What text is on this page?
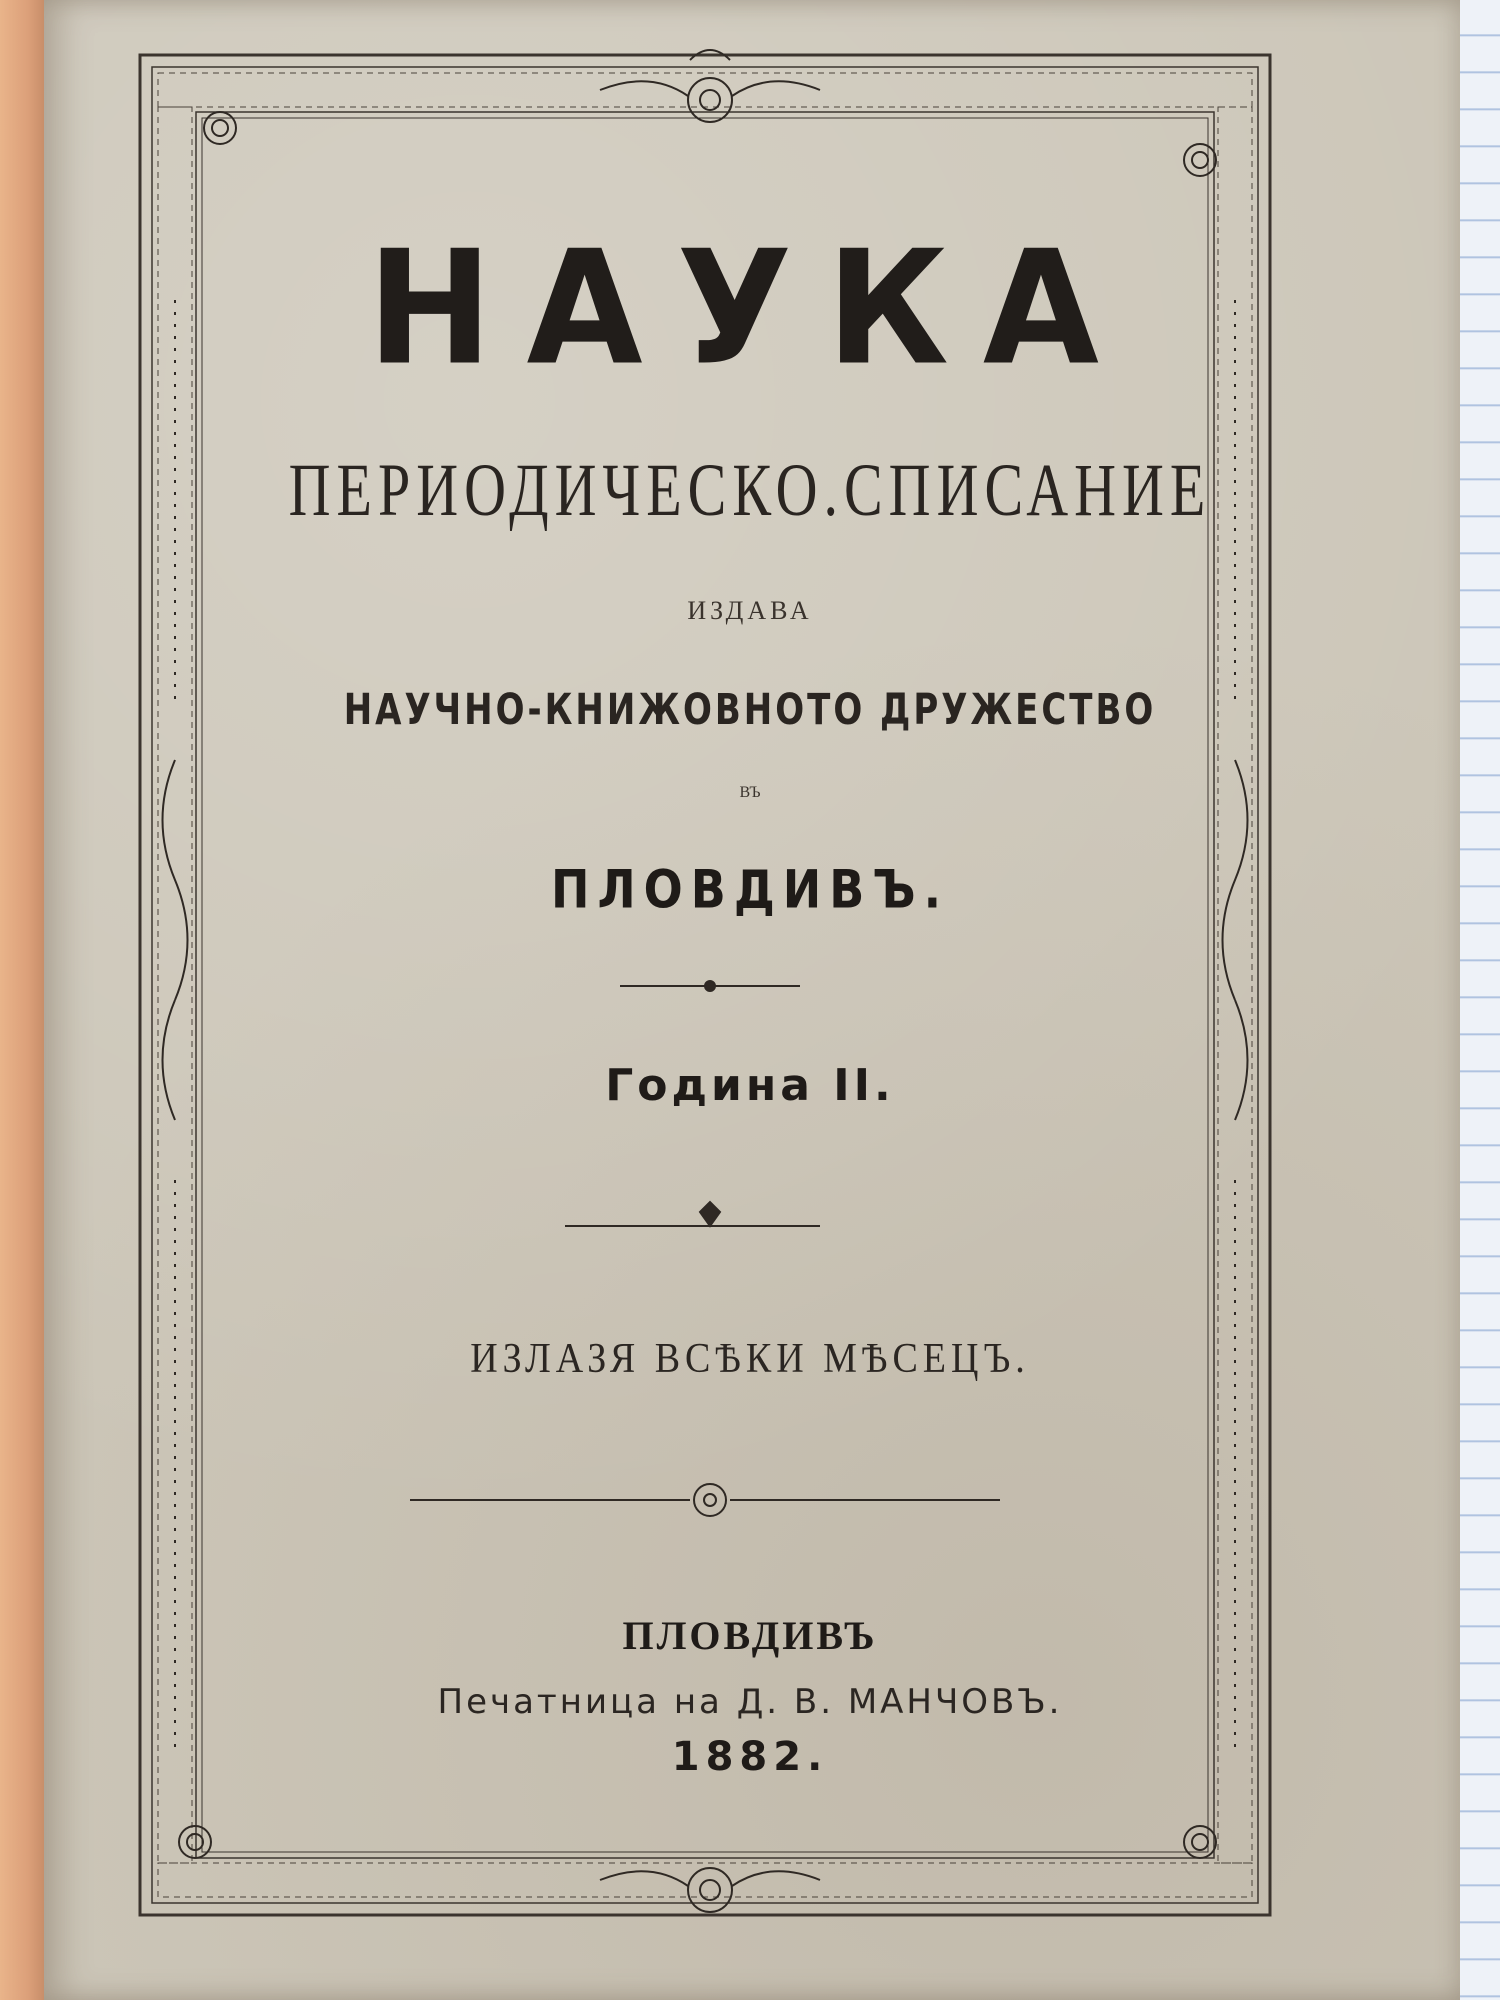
НАУКА
ПЕРИОДИЧЕСКО.СПИСАНИЕ
ИЗДАВА
НАУЧНО-КНИЖОВНОТО ДРУЖЕСТВО
ВЪ
ПЛОВДИВЪ.
Година II.
ИЗЛАЗЯ ВСѢКИ МѢСЕЦЪ.
ПЛОВДИВЪ
Печатница на Д. В. МАНЧОВЪ.
1882.
